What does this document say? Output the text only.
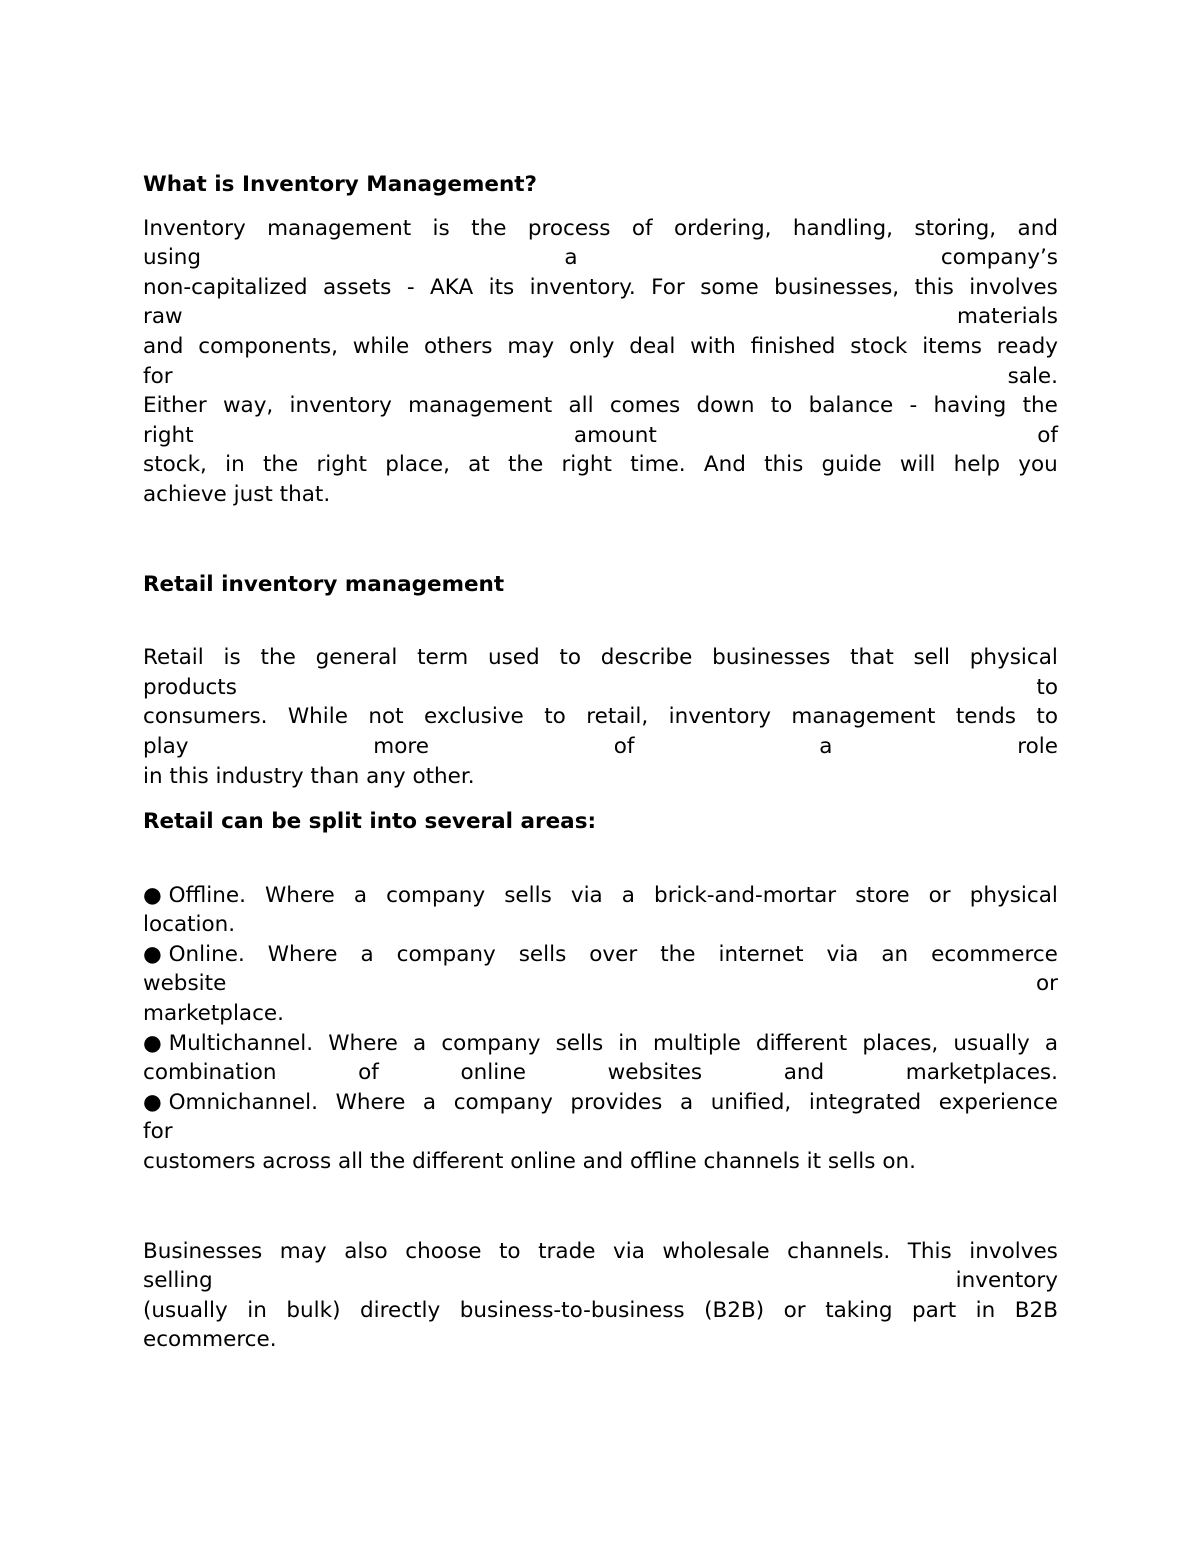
What is Inventory Management?
Inventory management is the process of ordering, handling, storing, and
using	a	company’s
non-capitalized assets - AKA its inventory. For some businesses, this involves
raw	materials
and components, while others may only deal with finished stock items ready
for	sale.
Either way, inventory management all comes down to balance - having the
right	amount	of
stock, in the right place, at the right time. And this guide will help you
achieve just that.
Retail inventory management
Retail is the general term used to describe businesses that sell physical
products	to
consumers. While not exclusive to retail, inventory management tends to
play	more	of	a	role
in this industry than any other.
Retail can be split into several areas:
● Offline. Where a company sells via a brick-and-mortar store or physical
location.
● Online. Where a company sells over the internet via an ecommerce
website	or
marketplace.
● Multichannel. Where a company sells in multiple different places, usually a
combination	of	online	websites	and	marketplaces.
● Omnichannel. Where a company provides a unified, integrated experience
for
customers across all the different online and offline channels it sells on.
Businesses may also choose to trade via wholesale channels. This involves
selling	inventory
(usually in bulk) directly business-to-business (B2B) or taking part in B2B
ecommerce.
